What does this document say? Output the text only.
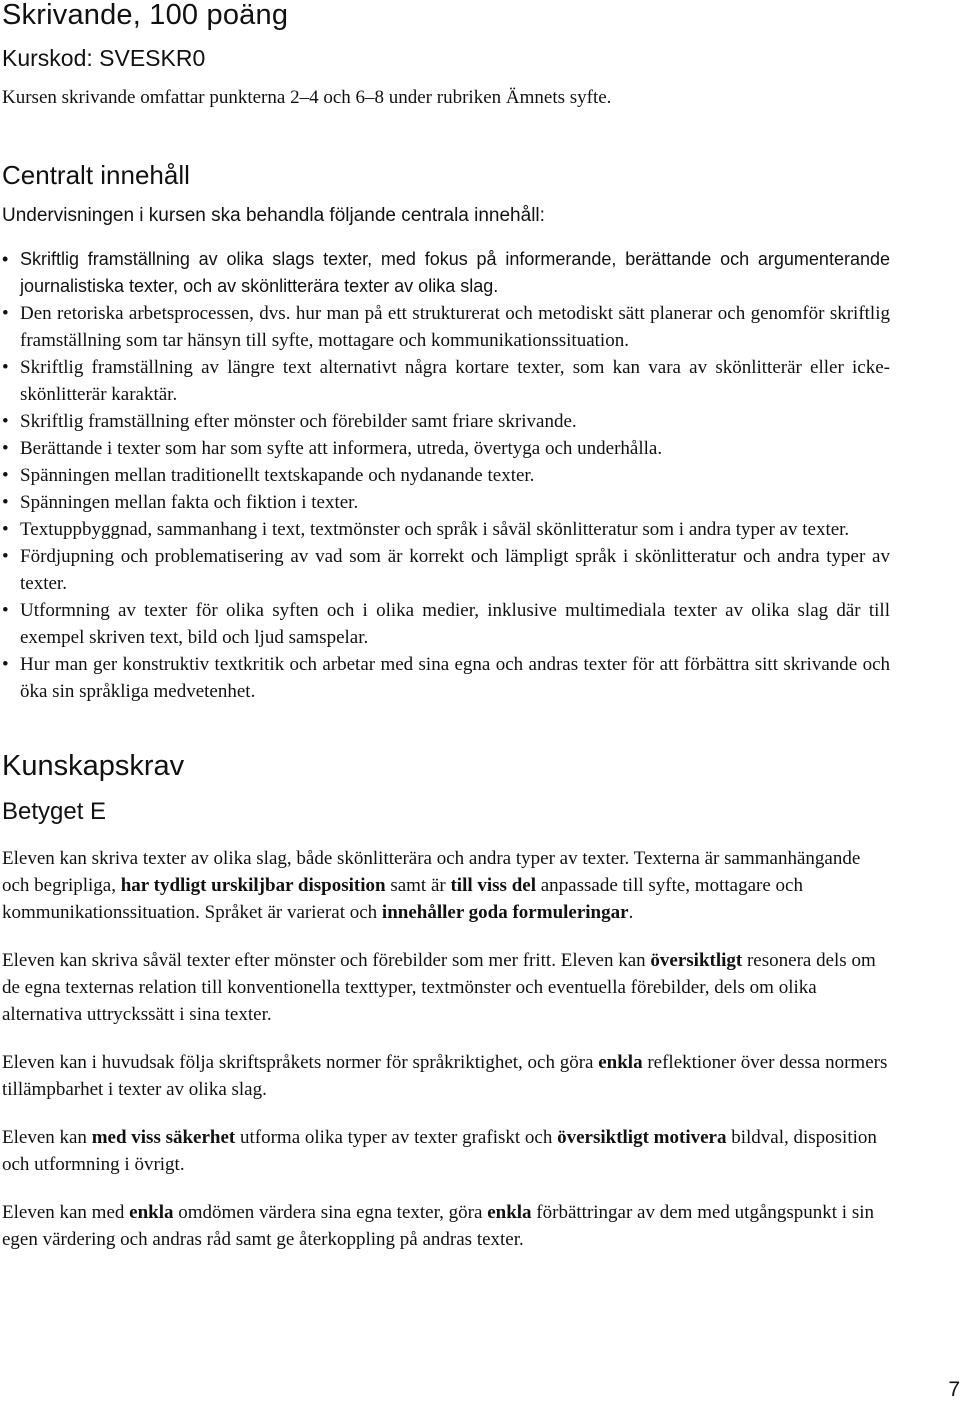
Skrivande, 100 poäng
Kurskod: SVESKR0

Kursen skrivande omfattar punkterna 2–4 och 6–8 under rubriken Ämnets syfte.

Centralt innehåll

Undervisningen i kursen ska behandla följande centrala innehåll:

• Skriftlig framställning av olika slags texter, med fokus på informerande, berättande och argumenterande journalistiska texter, och av skönlitterära texter av olika slag.
• Den retoriska arbetsprocessen, dvs. hur man på ett strukturerat och metodiskt sätt planerar och genomför skriftlig framställning som tar hänsyn till syfte, mottagare och kommunikationssituation.
• Skriftlig framställning av längre text alternativt några kortare texter, som kan vara av skönlitterär eller icke-skönlitterär karaktär.
• Skriftlig framställning efter mönster och förebilder samt friare skrivande.
• Berättande i texter som har som syfte att informera, utreda, övertyga och underhålla.
• Spänningen mellan traditionellt textskapande och nydanande texter.
• Spänningen mellan fakta och fiktion i texter.
• Textuppbyggnad, sammanhang i text, textmönster och språk i såväl skönlitteratur som i andra typer av texter.
• Fördjupning och problematisering av vad som är korrekt och lämpligt språk i skönlitteratur och andra typer av texter.
• Utformning av texter för olika syften och i olika medier, inklusive multimediala texter av olika slag där till exempel skriven text, bild och ljud samspelar.
• Hur man ger konstruktiv textkritik och arbetar med sina egna och andras texter för att förbättra sitt skrivande och öka sin språkliga medvetenhet.
Kunskapskrav
Betyget E

Eleven kan skriva texter av olika slag, både skönlitterära och andra typer av texter. Texterna är sammanhängande och begripliga, har tydligt urskiljbar disposition samt är till viss del anpassade till syfte, mottagare och kommunikationssituation. Språket är varierat och innehåller goda formuleringar.

Eleven kan skriva såväl texter efter mönster och förebilder som mer fritt. Eleven kan översiktligt resonera dels om de egna texternas relation till konventionella texttyper, textmönster och eventuella förebilder, dels om olika alternativa uttryckssätt i sina texter.

Eleven kan i huvudsak följa skriftspråkets normer för språkriktighet, och göra enkla reflektioner över dessa normers tillämpbarhet i texter av olika slag.

Eleven kan med viss säkerhet utforma olika typer av texter grafiskt och översiktligt motivera bildval, disposition och utformning i övrigt.

Eleven kan med enkla omdömen värdera sina egna texter, göra enkla förbättringar av dem med utgångspunkt i sin egen värdering och andras råd samt ge återkoppling på andras texter.

7
